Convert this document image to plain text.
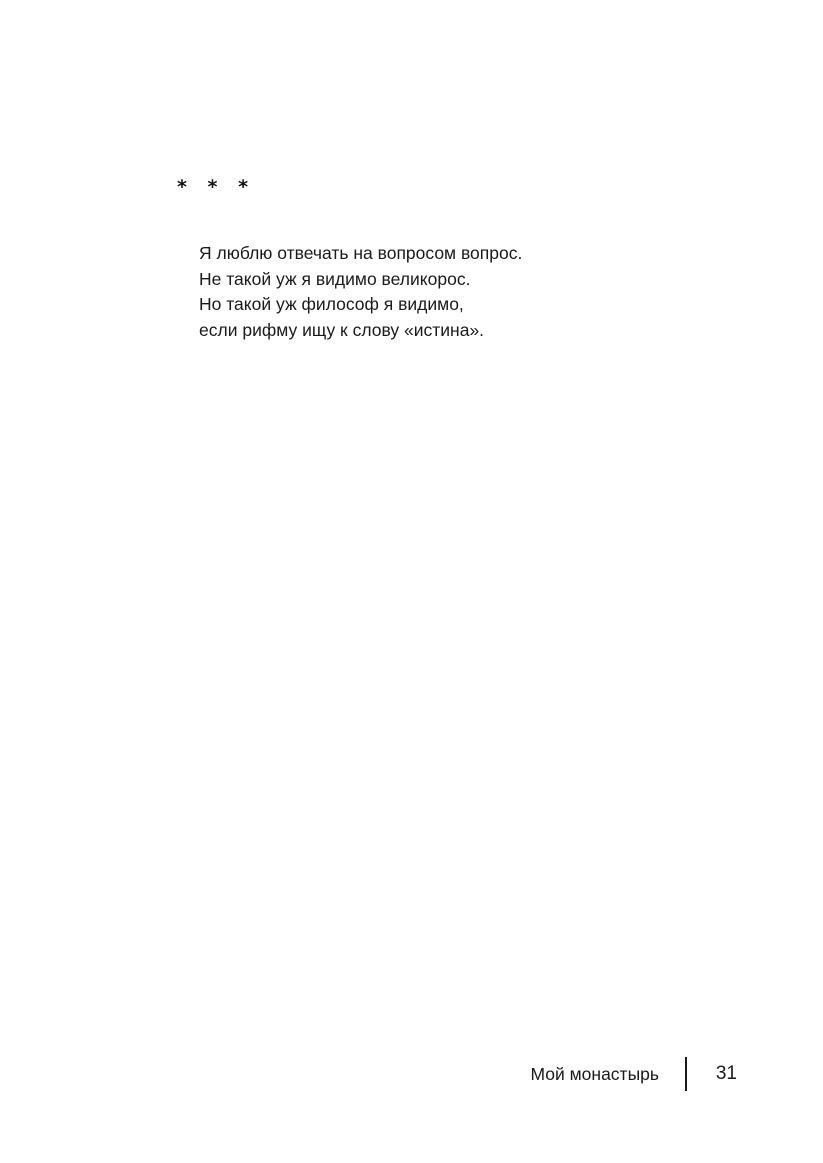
* * *
Я люблю отвечать на вопросом вопрос.
Не такой уж я видимо великорос.
Но такой уж философ я видимо,
если рифму ищу к слову «истина».
Мой монастырь	31
